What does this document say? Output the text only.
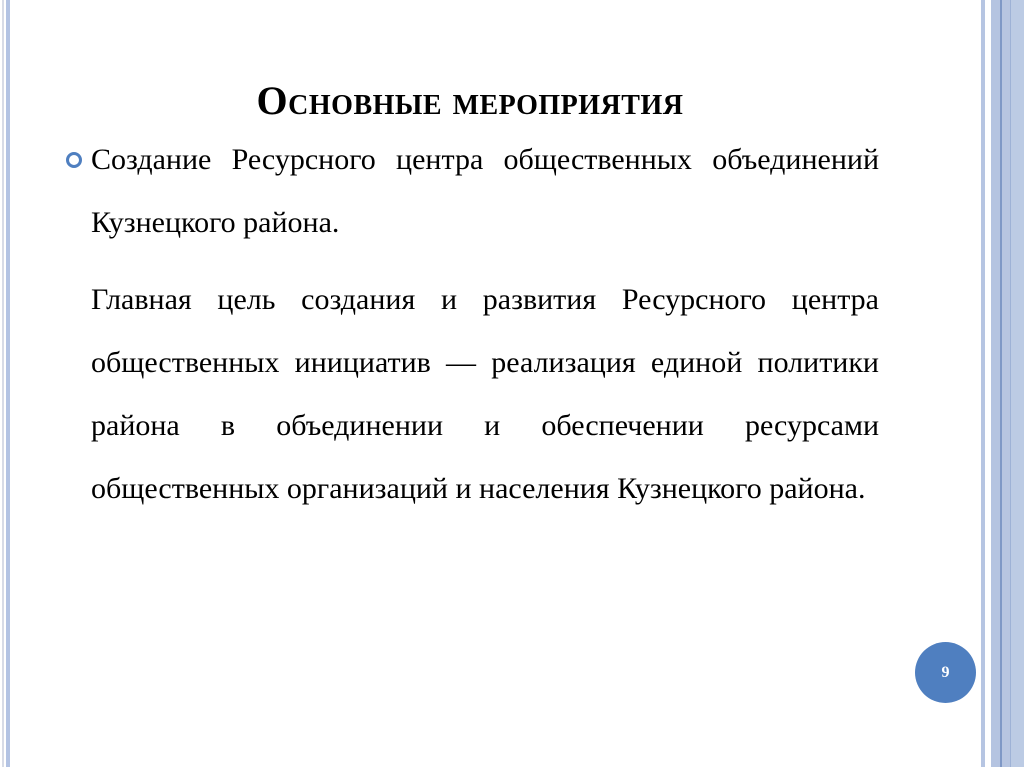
Основные мероприятия
Создание Ресурсного центра общественных объединений Кузнецкого района.
Главная цель создания и развития Ресурсного центра общественных инициатив — реализация единой политики района в объединении и обеспечении ресурсами общественных организаций и населения Кузнецкого района.
9
